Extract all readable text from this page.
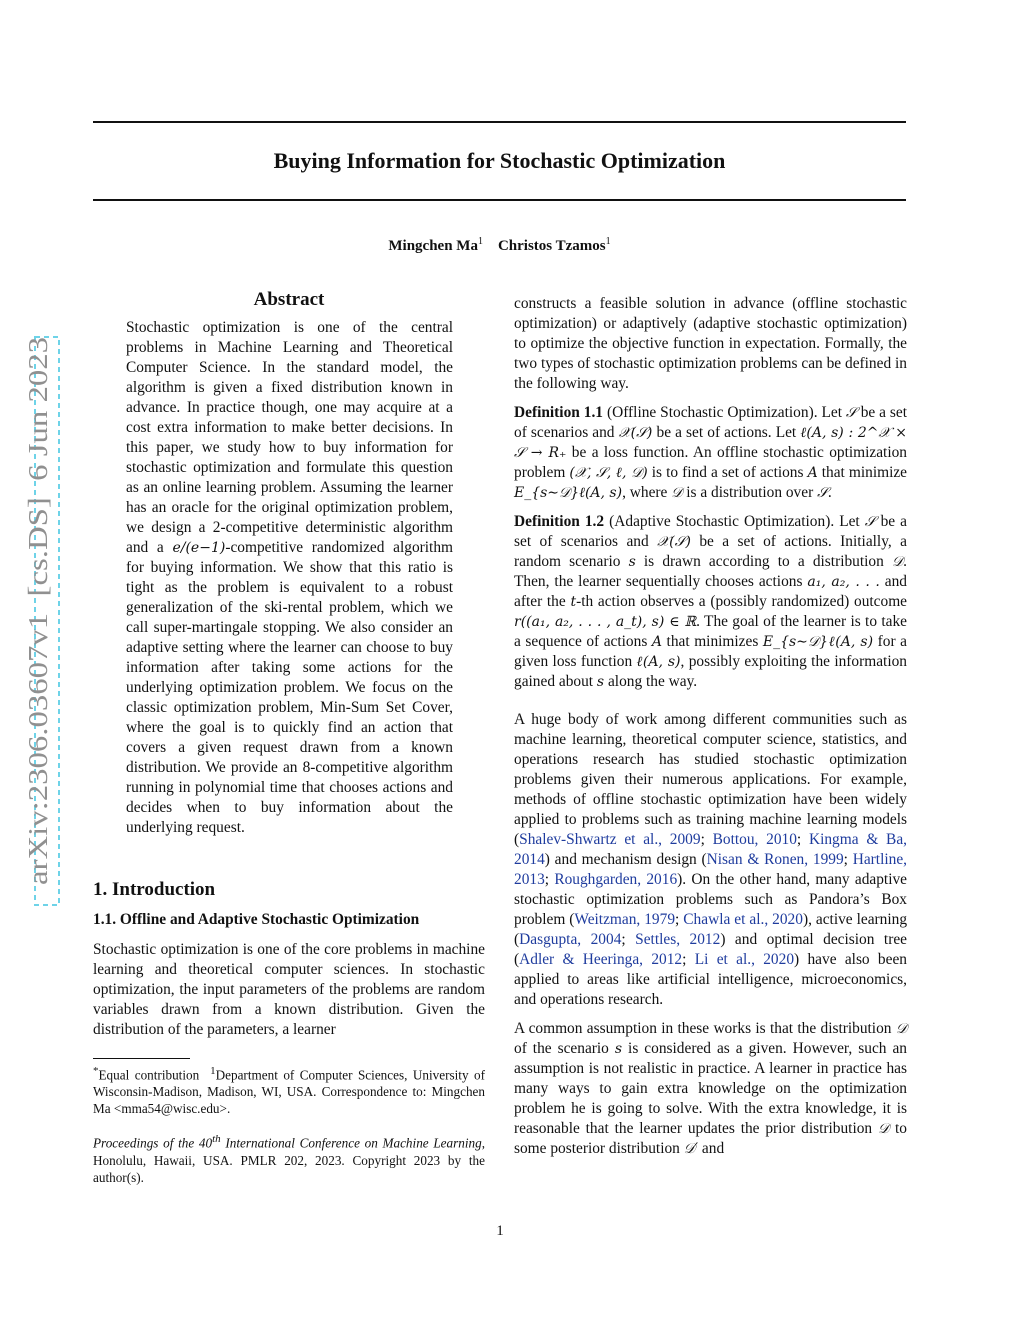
Buying Information for Stochastic Optimization
Mingchen Ma$^1$ Christos Tzamos$^1$
arXiv:2306.03607v1  [cs.DS]  6 Jun 2023
Abstract
Stochastic optimization is one of the central problems in Machine Learning and Theoretical Computer Science. In the standard model, the algorithm is given a fixed distribution known in advance. In practice though, one may acquire at a cost extra information to make better decisions. In this paper, we study how to buy information for stochastic optimization and formulate this question as an online learning problem. Assuming the learner has an oracle for the original optimization problem, we design a 2-competitive deterministic algorithm and a e/(e−1)-competitive randomized algorithm for buying information. We show that this ratio is tight as the problem is equivalent to a robust generalization of the ski-rental problem, which we call super-martingale stopping. We also consider an adaptive setting where the learner can choose to buy information after taking some actions for the underlying optimization problem. We focus on the classic optimization problem, Min-Sum Set Cover, where the goal is to quickly find an action that covers a given request drawn from a known distribution. We provide an 8-competitive algorithm running in polynomial time that chooses actions and decides when to buy information about the underlying request.
1. Introduction
1.1. Offline and Adaptive Stochastic Optimization

Stochastic optimization is one of the core problems in machine learning and theoretical computer sciences. In stochastic optimization, the input parameters of the problems are random variables drawn from a known distribution. Given the distribution of the parameters, a learner

*Equal contribution $^1$Department of Computer Sciences, University of Wisconsin-Madison, Madison, WI, USA. Correspondence to: Mingchen Ma <mma54@wisc.edu>.

Proceedings of the 40th International Conference on Machine Learning, Honolulu, Hawaii, USA. PMLR 202, 2023. Copyright 2023 by the author(s).

constructs a feasible solution in advance (offline stochastic optimization) or adaptively (adaptive stochastic optimization) to optimize the objective function in expectation. Formally, the two types of stochastic optimization problems can be defined in the following way.

Definition 1.1 (Offline Stochastic Optimization). Let 𝒮 be a set of scenarios and 𝒳(𝒮) be a set of actions. Let ℓ(A, s) : 2^𝒳 × 𝒮 → R₊ be a loss function. An offline stochastic optimization problem (𝒳, 𝒮, ℓ, 𝒟) is to find a set of actions A that minimize E_{s∼𝒟}ℓ(A, s), where 𝒟 is a distribution over 𝒮.

Definition 1.2 (Adaptive Stochastic Optimization). Let 𝒮 be a set of scenarios and 𝒳(𝒮) be a set of actions. Initially, a random scenario s is drawn according to a distribution 𝒟. Then, the learner sequentially chooses actions a₁, a₂, . . . and after the t-th action observes a (possibly randomized) outcome r((a₁, a₂, . . . , a_t), s) ∈ ℝ. The goal of the learner is to take a sequence of actions A that minimizes E_{s∼𝒟}ℓ(A, s) for a given loss function ℓ(A, s), possibly exploiting the information gained about s along the way.

A huge body of work among different communities such as machine learning, theoretical computer science, statistics, and operations research has studied stochastic optimization problems given their numerous applications. For example, methods of offline stochastic optimization have been widely applied to problems such as training machine learning models (Shalev-Shwartz et al., 2009; Bottou, 2010; Kingma & Ba, 2014) and mechanism design (Nisan & Ronen, 1999; Hartline, 2013; Roughgarden, 2016). On the other hand, many adaptive stochastic optimization problems such as Pandora’s Box problem (Weitzman, 1979; Chawla et al., 2020), active learning (Dasgupta, 2004; Settles, 2012) and optimal decision tree (Adler & Heeringa, 2012; Li et al., 2020) have also been applied to areas like artificial intelligence, microeconomics, and operations research.

A common assumption in these works is that the distribution 𝒟 of the scenario s is considered as a given. However, such an assumption is not realistic in practice. A learner in practice has many ways to gain extra knowledge on the optimization problem he is going to solve. With the extra knowledge, it is reasonable that the learner updates the prior distribution 𝒟 to some posterior distribution 𝒟′ and

1
